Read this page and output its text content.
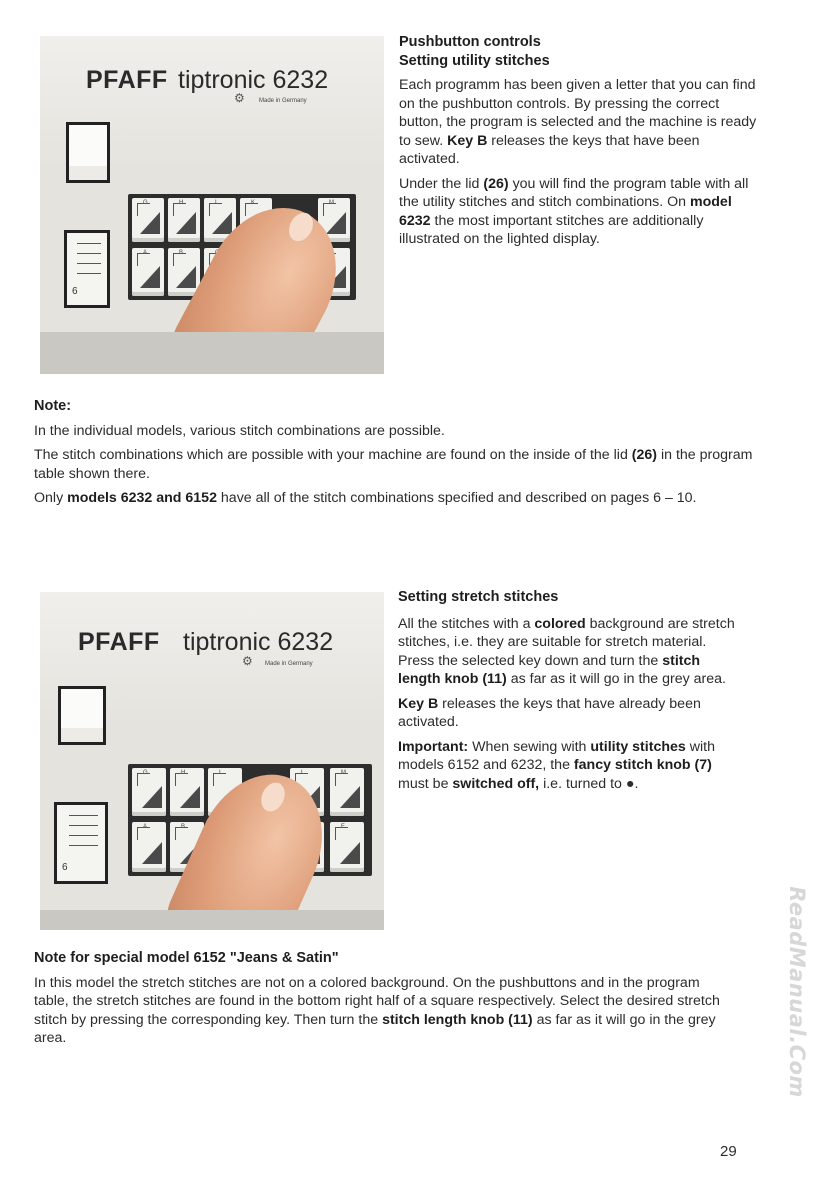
PFAFF tiptronic 6232
⚙ Made in Germany
6
G	H	I	K	M
A	B

Pushbutton controls

Setting utility stitches

Each programm has been given a letter that you can find on the pushbutton controls. By pressing the correct button, the program is selected and the machine is ready to sew. Key B releases the keys that have been activated.

Under the lid (26) you will find the program table with all the utility stitches and stitch combinations. On model 6232 the most important stitches are additionally illustrated on the lighted display.

Note:

In the individual models, various stitch combinations are possible.

The stitch combinations which are possible with your machine are found on the inside of the lid (26) in the program table shown there.

Only models 6232 and 6152 have all of the stitch combinations specified and described on pages 6 – 10.

PFAFF tiptronic 6232
⚙ Made in Germany
6
G	H	I	L	M
A	B	F

Setting stretch stitches

All the stitches with a colored background are stretch stitches, i.e. they are suitable for stretch material. Press the selected key down and turn the stitch length knob (11) as far as it will go in the grey area.

Key B releases the keys that have already been activated.

Important: When sewing with utility stitches with models 6152 and 6232, the fancy stitch knob (7) must be switched off, i.e. turned to ●.

Note for special model 6152 "Jeans & Satin"

In this model the stretch stitches are not on a colored background. On the pushbuttons and in the program table, the stretch stitches are found in the bottom right half of a square respectively. Select the desired stretch stitch by pressing the corresponding key. Then turn the stitch length knob (11) as far as it will go in the grey area.

29
ReadManual.Com
